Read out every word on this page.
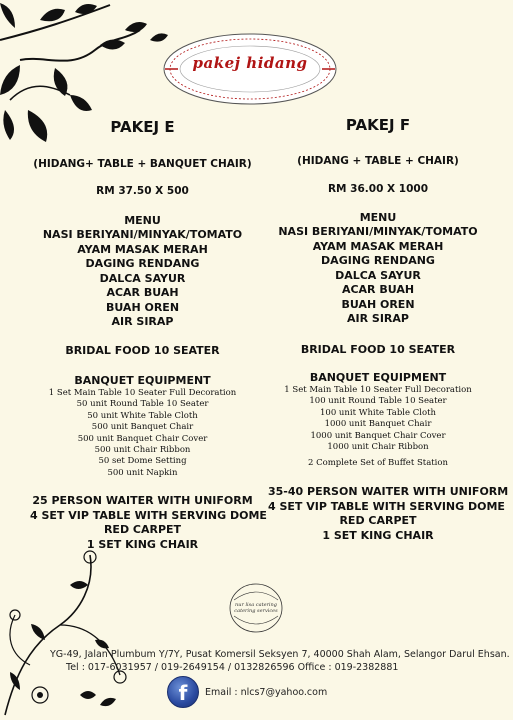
pakej hidang
PAKEJ E
(HIDANG+ TABLE + BANQUET CHAIR)
RM 37.50 X 500
MENU
NASI BERIYANI/MINYAK/TOMATO
AYAM MASAK MERAH
DAGING RENDANG
DALCA SAYUR
ACAR BUAH
BUAH OREN
AIR SIRAP
BRIDAL FOOD 10 SEATER
BANQUET EQUIPMENT
1 Set Main Table 10 Seater Full Decoration
50 unit Round Table 10 Seater
50 unit White Table Cloth
500 unit Banquet Chair
500 unit Banquet Chair Cover
500 unit Chair Ribbon
50 set Dome Setting
500 unit Napkin
25 PERSON WAITER WITH UNIFORM
4 SET VIP TABLE WITH SERVING DOME
RED CARPET
1 SET KING CHAIR
PAKEJ F
(HIDANG + TABLE + CHAIR)
RM 36.00 X 1000
MENU
NASI BERIYANI/MINYAK/TOMATO
AYAM MASAK MERAH
DAGING RENDANG
DALCA SAYUR
ACAR BUAH
BUAH OREN
AIR SIRAP
BRIDAL FOOD 10 SEATER
BANQUET EQUIPMENT
1 Set Main Table 10 Seater Full Decoration
100 unit Round Table 10 Seater
100 unit White Table Cloth
1000 unit Banquet Chair
1000 unit Banquet Chair Cover
1000 unit Chair Ribbon
2 Complete Set of Buffet Station
35-40 PERSON WAITER WITH UNIFORM
4 SET VIP TABLE WITH SERVING DOME
RED CARPET
1 SET KING CHAIR
nur lisa catering
catering services
YG-49, Jalan Plumbum Y/7Y, Pusat Komersil Seksyen 7, 40000 Shah Alam, Selangor Darul Ehsan.
Tel : 017-6031957 / 019-2649154 / 0132826596 Office : 019-2382881
f	Email : nlcs7@yahoo.com
